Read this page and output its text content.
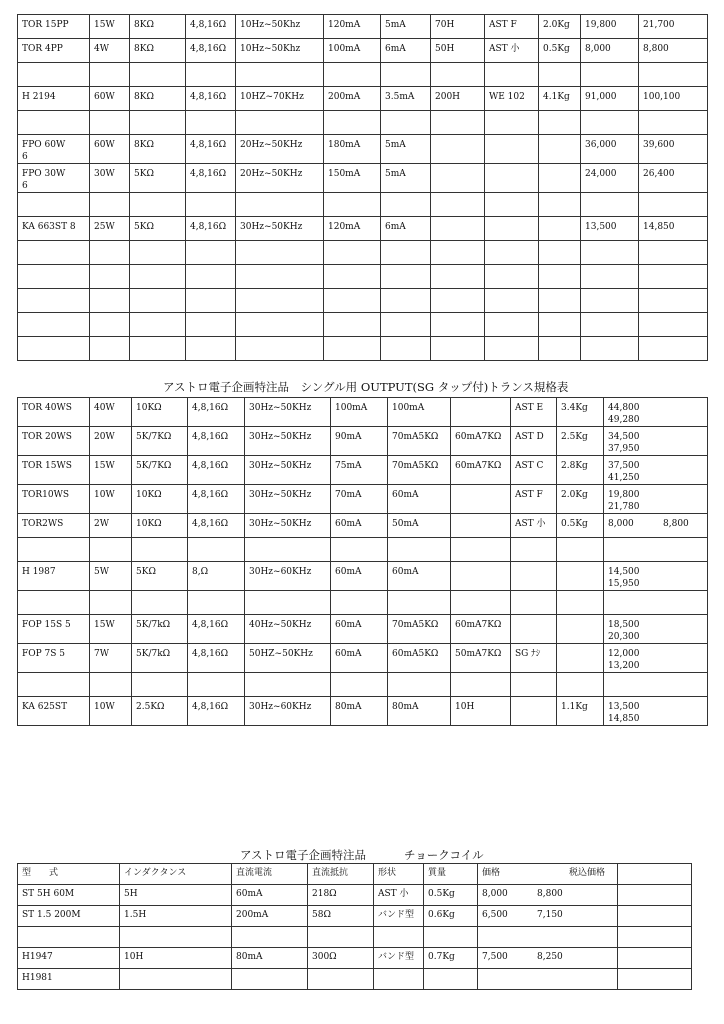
TOR 15PP	15W	8KΩ	4,8,16Ω	10Hz~50Khz	120mA	5mA	70H	AST F	2.0Kg	19,800	21,700
TOR 4PP	4W	8KΩ	4,8,16Ω	10Hz~50Khz	100mA	6mA	50H	AST 小	0.5Kg	8,000	8,800

H 2194	60W	8KΩ	4,8,16Ω	10HZ~70KHz	200mA	3.5mA	200H	WE 102	4.1Kg	91,000	100,100

FPO 60W
6	60W	8KΩ	4,8,16Ω	20Hz~50KHz	180mA	5mA				36,000	39,600
FPO 30W
6	30W	5KΩ	4,8,16Ω	20Hz~50KHz	150mA	5mA				24,000	26,400

KA 663ST 8	25W	5KΩ	4,8,16Ω	30Hz~50KHz	120mA	6mA				13,500	14,850

アストロ電子企画特注品　シングル用 OUTPUT(SG タップ付)トランス規格表
TOR 40WS	40W	10KΩ	4,8,16Ω	30Hz~50KHz	100mA	100mA		AST E	3.4Kg	44,800
49,280
TOR 20WS	20W	5K/7KΩ	4,8,16Ω	30Hz~50KHz	90mA	70mA5KΩ	60mA7KΩ	AST D	2.5Kg	34,500
37,950
TOR 15WS	15W	5K/7KΩ	4,8,16Ω	30Hz~50KHz	75mA	70mA5KΩ	60mA7KΩ	AST C	2.8Kg	37,500
41,250
TOR10WS	10W	10KΩ	4,8,16Ω	30Hz~50KHz	70mA	60mA		AST F	2.0Kg	19,800
21,780
TOR2WS	2W	10KΩ	4,8,16Ω	30Hz~50KHz	60mA	50mA		AST 小	0.5Kg	8,000 8,800

H 1987	5W	5KΩ	8,Ω	30Hz~60KHz	60mA	60mA				14,500
15,950

FOP 15S 5	15W	5K/7kΩ	4,8,16Ω	40Hz~50KHz	60mA	70mA5KΩ	60mA7KΩ			18,500
20,300
FOP 7S 5	7W	5K/7kΩ	4,8,16Ω	50HZ~50KHz	60mA	60mA5KΩ	50mA7KΩ	SG ﾅｼ		12,000
13,200

KA 625ST	10W	2.5KΩ	4,8,16Ω	30Hz~60KHz	80mA	80mA	10H		1.1Kg	13,500
14,850
アストロ電子企画特注品	チョークコイル
型　　式	インダクタンス	直流電流	直流抵抗	形状	質量	価格 税込価格	
ST 5H 60M	5H	60mA	218Ω	AST 小	0.5Kg	8,000 8,800	
ST 1.5 200M	1.5H	200mA	58Ω	バンド型	0.6Kg	6,500 7,150	

H1947	10H	80mA	300Ω	バンド型	0.7Kg	7,500 8,250	
H1981							
